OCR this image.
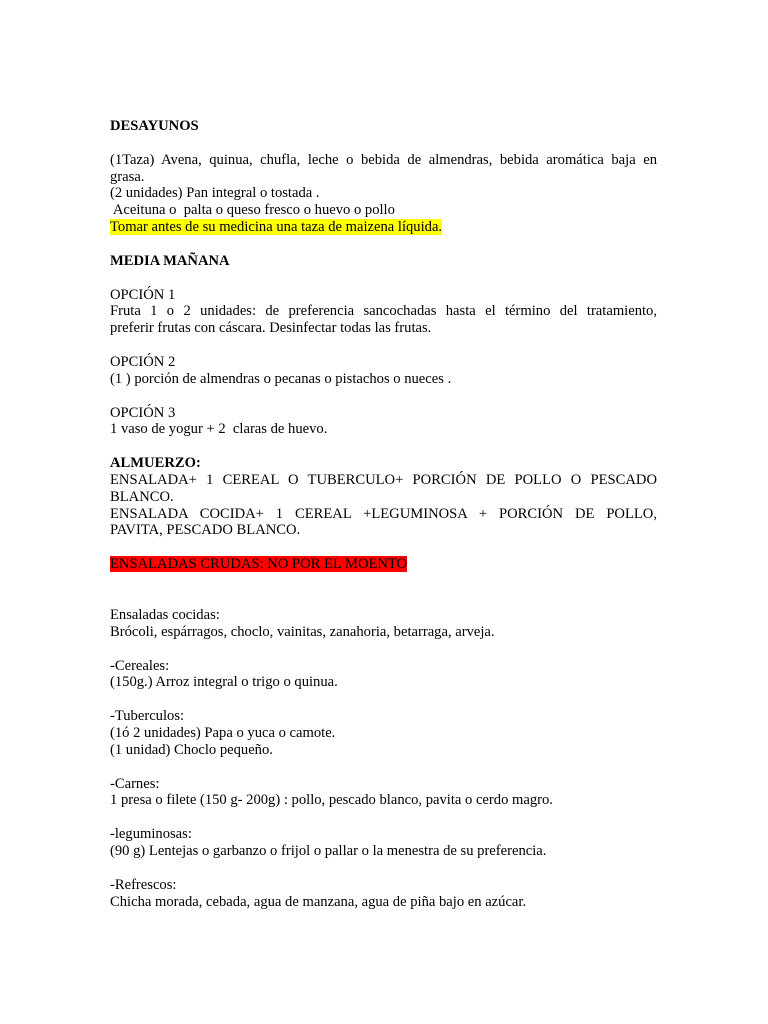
DESAYUNOS
(1Taza) Avena, quinua, chufla, leche o bebida de almendras, bebida aromática baja en
grasa.
(2 unidades) Pan integral o tostada .
Aceituna o  palta o queso fresco o huevo o pollo
Tomar antes de su medicina una taza de maizena líquida.
MEDIA MAÑANA
OPCIÓN 1
Fruta 1 o 2 unidades: de preferencia sancochadas hasta el término del tratamiento,
preferir frutas con cáscara. Desinfectar todas las frutas.
OPCIÓN 2
(1 ) porción de almendras o pecanas o pistachos o nueces .
OPCIÓN 3
1 vaso de yogur + 2  claras de huevo.
ALMUERZO:
ENSALADA+ 1 CEREAL O TUBERCULO+ PORCIÓN DE POLLO O PESCADO
BLANCO.
ENSALADA COCIDA+ 1 CEREAL +LEGUMINOSA + PORCIÓN DE POLLO,
PAVITA, PESCADO BLANCO.
ENSALADAS CRUDAS: NO POR EL MOENTO
Ensaladas cocidas:
Brócoli, espárragos, choclo, vainitas, zanahoria, betarraga, arveja.
-Cereales:
(150g.) Arroz integral o trigo o quinua.
-Tuberculos:
(1ó 2 unidades) Papa o yuca o camote.
(1 unidad) Choclo pequeño.
-Carnes:
1 presa o filete (150 g- 200g) : pollo, pescado blanco, pavita o cerdo magro.
-leguminosas:
(90 g) Lentejas o garbanzo o frijol o pallar o la menestra de su preferencia.
-Refrescos:
Chicha morada, cebada, agua de manzana, agua de piña bajo en azúcar.
